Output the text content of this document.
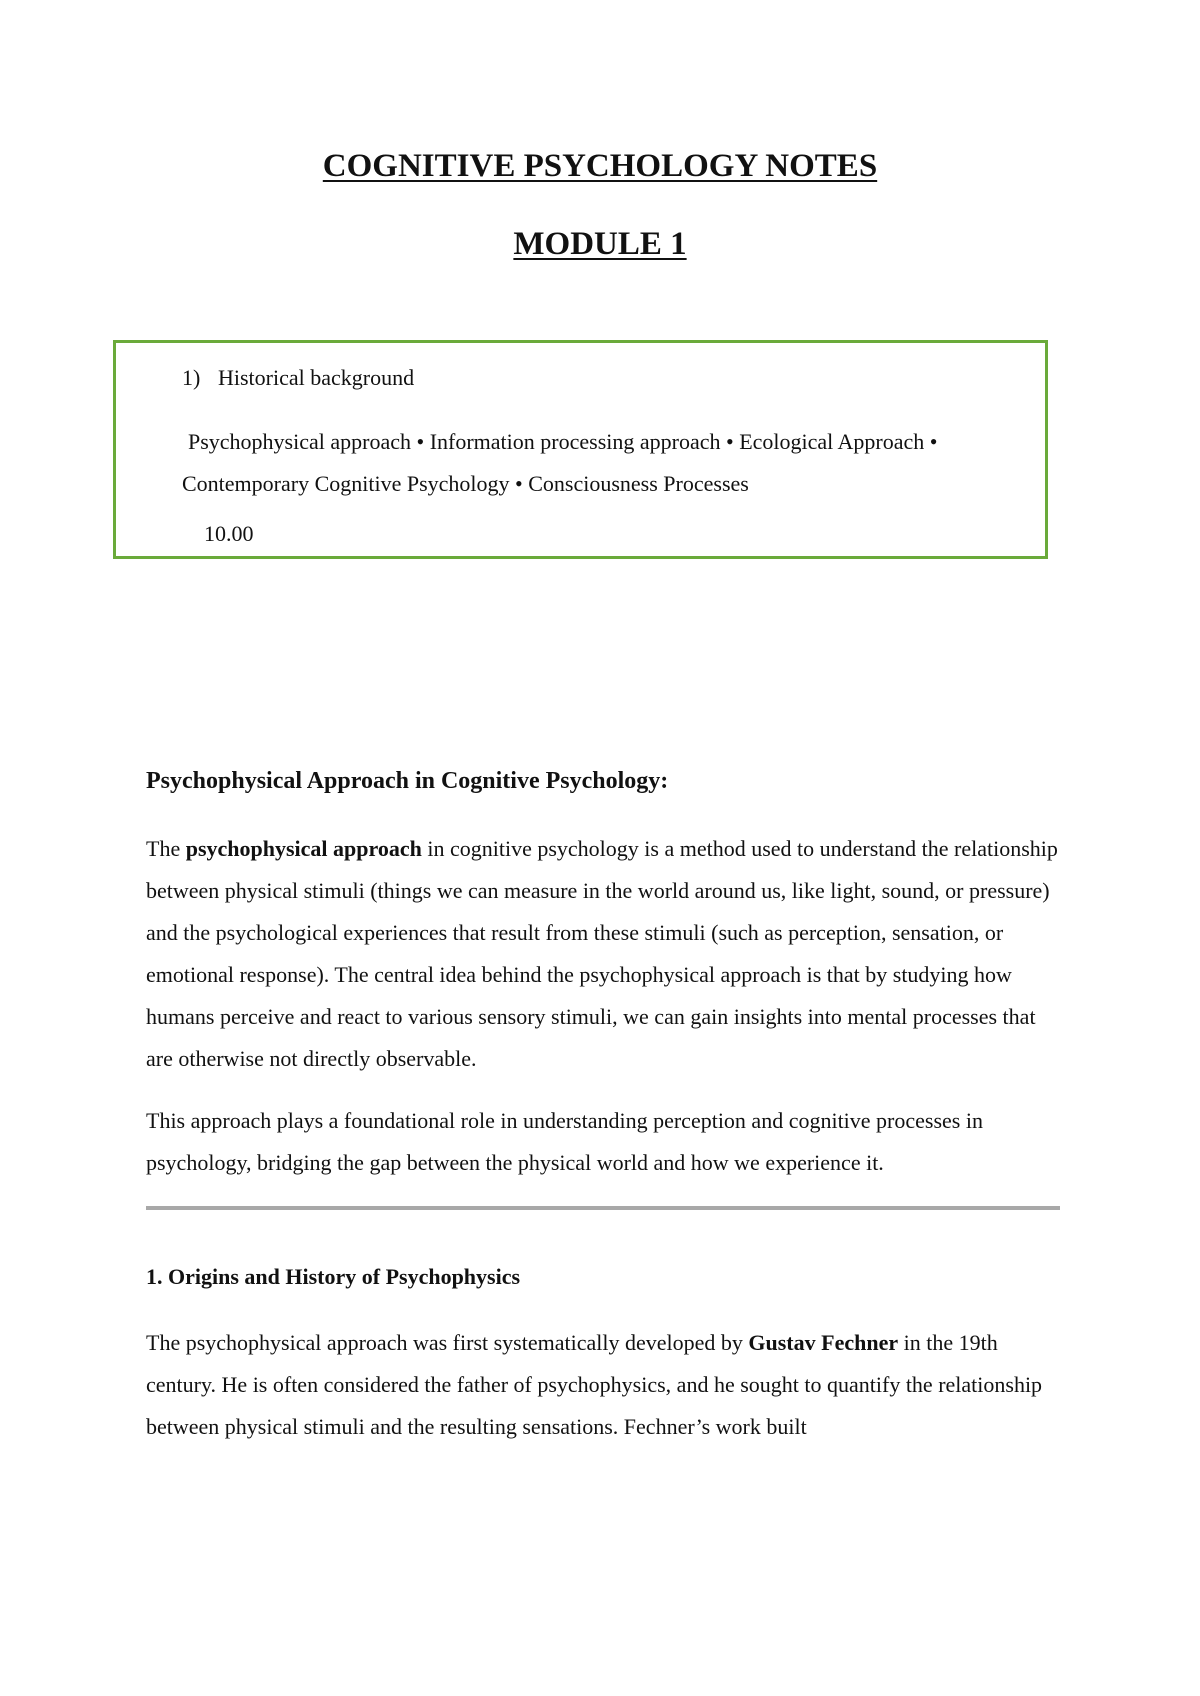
COGNITIVE PSYCHOLOGY NOTES
MODULE 1
1) Historical background
Psychophysical approach • Information processing approach • Ecological Approach • Contemporary Cognitive Psychology • Consciousness Processes
10.00
Psychophysical Approach in Cognitive Psychology:

The psychophysical approach in cognitive psychology is a method used to understand the relationship between physical stimuli (things we can measure in the world around us, like light, sound, or pressure) and the psychological experiences that result from these stimuli (such as perception, sensation, or emotional response). The central idea behind the psychophysical approach is that by studying how humans perceive and react to various sensory stimuli, we can gain insights into mental processes that are otherwise not directly observable.

This approach plays a foundational role in understanding perception and cognitive processes in psychology, bridging the gap between the physical world and how we experience it.

1. Origins and History of Psychophysics

The psychophysical approach was first systematically developed by Gustav Fechner in the 19th century. He is often considered the father of psychophysics, and he sought to quantify the relationship between physical stimuli and the resulting sensations. Fechner’s work built
